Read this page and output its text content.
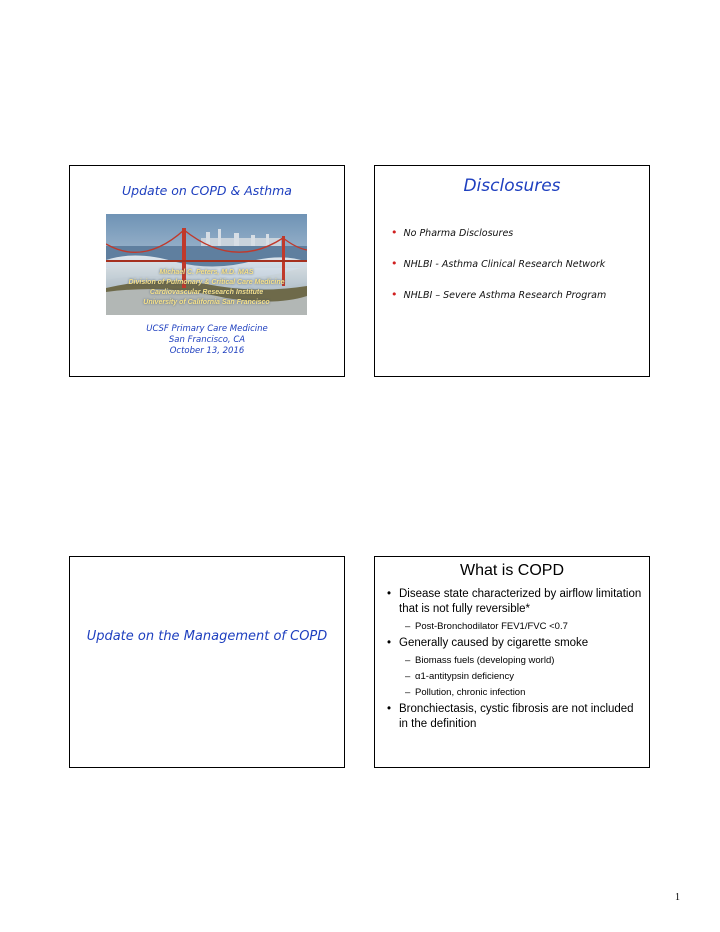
Update on COPD & Asthma
Michael C. Peters, M.D. MAS
Division of Pulmonary & Critical Care Medicine
Cardiovascular Research Institute
University of California San Francisco
UCSF Primary Care Medicine
San Francisco, CA
October 13, 2016
Disclosures
• No Pharma Disclosures
• NHLBI - Asthma Clinical Research Network
• NHLBI – Severe Asthma Research Program
Update on the Management of COPD
What is COPD
• Disease state characterized by airflow limitation that is not fully reversible*
– Post-Bronchodilator FEV1/FVC <0.7
• Generally caused by cigarette smoke
– Biomass fuels (developing world)
– α1-antitypsin deficiency
– Pollution, chronic infection
• Bronchiectasis, cystic fibrosis are not included in the definition
1
